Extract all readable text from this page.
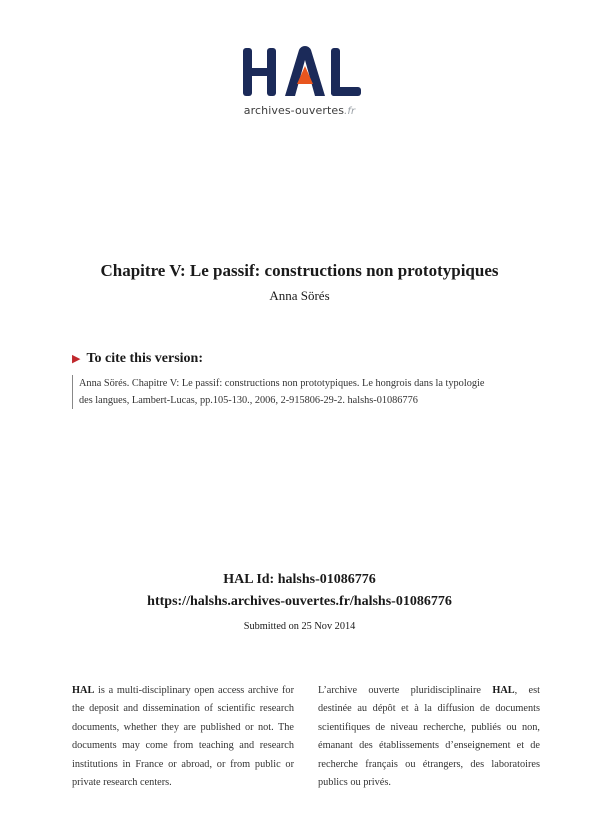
archives-ouvertes.fr
Chapitre V: Le passif: constructions non prototypiques
Anna Sörés
▶ To cite this version:
Anna Sörés. Chapitre V: Le passif: constructions non prototypiques. Le hongrois dans la typologie
des langues, Lambert-Lucas, pp.105-130., 2006, 2-915806-29-2. halshs-01086776
HAL Id: halshs-01086776
https://halshs.archives-ouvertes.fr/halshs-01086776
Submitted on 25 Nov 2014
HAL is a multi-disciplinary open access archive for the deposit and dissemination of scientific research documents, whether they are published or not. The documents may come from teaching and research institutions in France or abroad, or from public or private research centers.
L’archive ouverte pluridisciplinaire HAL, est destinée au dépôt et à la diffusion de documents scientifiques de niveau recherche, publiés ou non, émanant des établissements d’enseignement et de recherche français ou étrangers, des laboratoires publics ou privés.
